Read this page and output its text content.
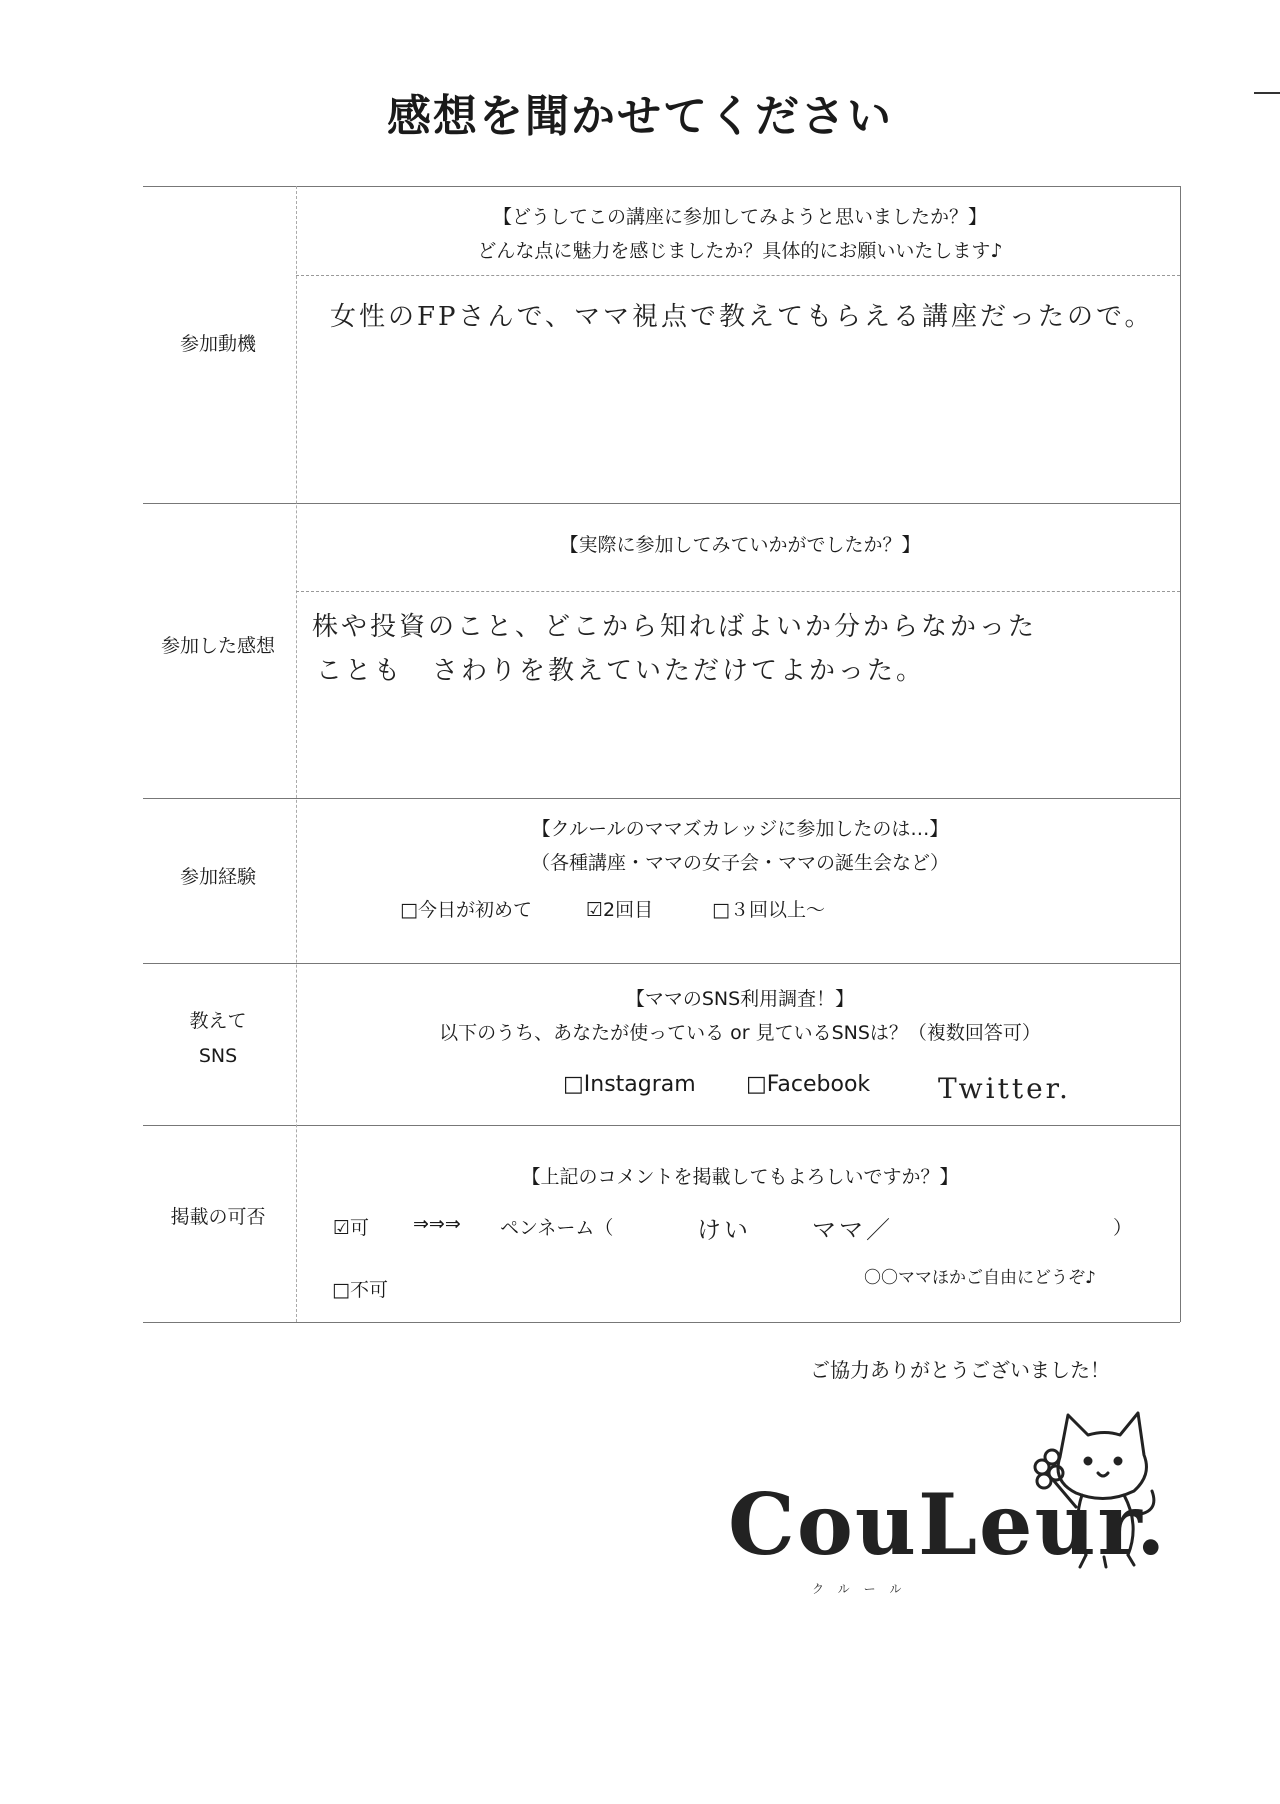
感想を聞かせてください
参加動機
【どうしてこの講座に参加してみようと思いましたか？】
どんな点に魅力を感じましたか？具体的にお願いいたします♪
女性のFPさんで、ママ視点で教えてもらえる講座だったので。
参加した感想
【実際に参加してみていかがでしたか？】
株や投資のこと、どこから知ればよいか分からなかった
ことも　さわりを教えていただけてよかった。
参加経験
【クルールのママズカレッジに参加したのは…】
（各種講座・ママの女子会・ママの誕生会など）
□今日が初めて	☑2回目	□３回以上～
教えて
SNS
【ママのSNS利用調査！】
以下のうち、あなたが使っている or 見ているSNSは？（複数回答可）
□Instagram □Facebook Twitter.
掲載の可否
【上記のコメントを掲載してもよろしいですか？】
☑可 ⇒⇒⇒ ペンネーム（	けい	ママ／	）
〇〇ママほかご自由にどうぞ♪
□不可
ご協力ありがとうございました！
CouLeur.
クルール
